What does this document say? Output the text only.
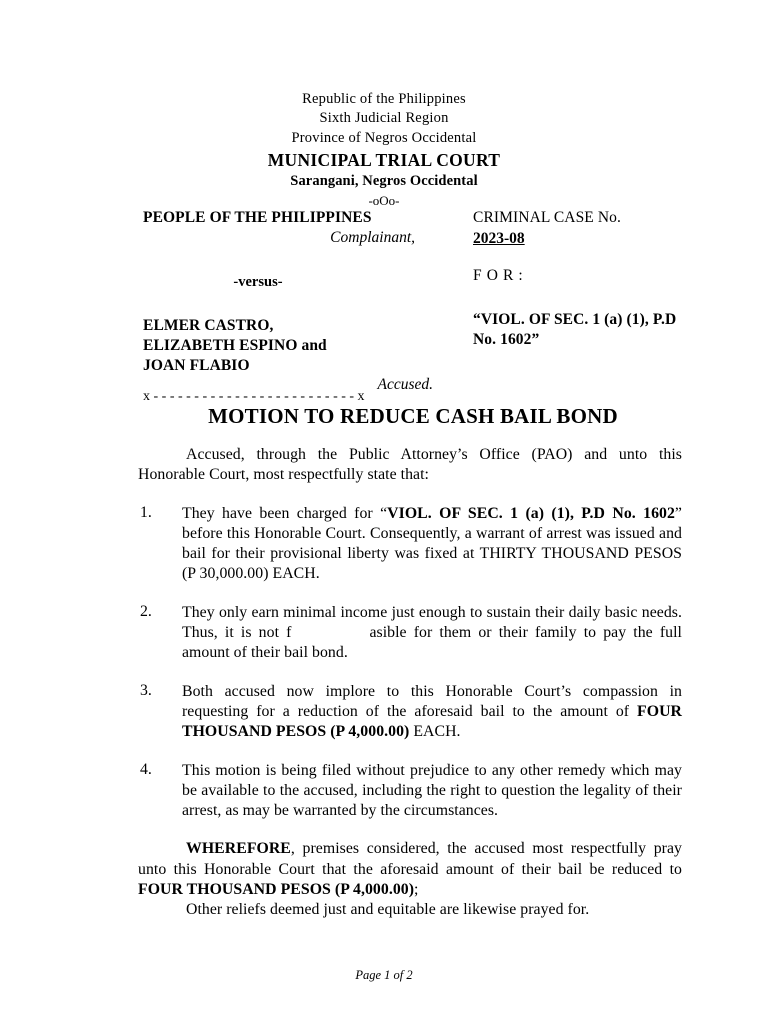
Republic of the Philippines
Sixth Judicial Region
Province of Negros Occidental
MUNICIPAL TRIAL COURT
Sarangani, Negros Occidental
-oOo-
PEOPLE OF THE PHILIPPINES
Complainant,
-versus-
ELMER CASTRO,
ELIZABETH ESPINO and
JOAN FLABIO
Accused.
CRIMINAL CASE No.
2023-08
F O R :
“VIOL. OF SEC. 1 (a) (1), P.D
No. 1602”
x - - - - - - - - - - - - - - - - - - - - - - - - - x
MOTION TO REDUCE CASH BAIL BOND

Accused, through the Public Attorney’s Office (PAO) and unto this Honorable Court, most respectfully state that:

1. They have been charged for “VIOL. OF SEC. 1 (a) (1), P.D No. 1602” before this Honorable Court. Consequently, a warrant of arrest was issued and bail for their provisional liberty was fixed at THIRTY THOUSAND PESOS (P 30,000.00) EACH.

2. They only earn minimal income just enough to sustain their daily basic needs. Thus, it is not f	asible for them or their family to pay the full amount of their bail bond.

3. Both accused now implore to this Honorable Court’s compassion in requesting for a reduction of the aforesaid bail to the amount of FOUR THOUSAND PESOS (P 4,000.00) EACH.

4. This motion is being filed without prejudice to any other remedy which may be available to the accused, including the right to question the legality of their arrest, as may be warranted by the circumstances.

WHEREFORE, premises considered, the accused most respectfully pray unto this Honorable Court that the aforesaid amount of their bail be reduced to FOUR THOUSAND PESOS (P 4,000.00);

Other reliefs deemed just and equitable are likewise prayed for.

Page 1 of 2
